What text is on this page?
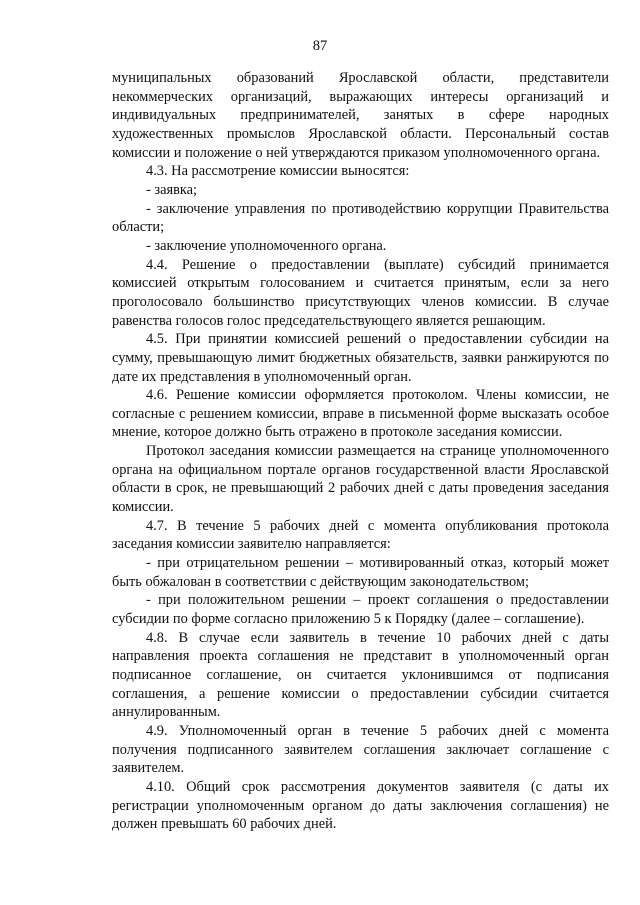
87

муниципальных образований Ярославской области, представители некоммерческих организаций, выражающих интересы организаций и индивидуальных предпринимателей, занятых в сфере народных художественных промыслов Ярославской области. Персональный состав комиссии и положение о ней утверждаются приказом уполномоченного органа.

4.3. На рассмотрение комиссии выносятся:

- заявка;

- заключение управления по противодействию коррупции Правительства области;

- заключение уполномоченного органа.

4.4. Решение о предоставлении (выплате) субсидий принимается комиссией открытым голосованием и считается принятым, если за него проголосовало большинство присутствующих членов комиссии. В случае равенства голосов голос председательствующего является решающим.

4.5. При принятии комиссией решений о предоставлении субсидии на сумму, превышающую лимит бюджетных обязательств, заявки ранжируются по дате их представления в уполномоченный орган.

4.6. Решение комиссии оформляется протоколом. Члены комиссии, не согласные с решением комиссии, вправе в письменной форме высказать особое мнение, которое должно быть отражено в протоколе заседания комиссии.

Протокол заседания комиссии размещается на странице уполномоченного органа на официальном портале органов государственной власти Ярославской области в срок, не превышающий 2 рабочих дней с даты проведения заседания комиссии.

4.7. В течение 5 рабочих дней с момента опубликования протокола заседания комиссии заявителю направляется:

- при отрицательном решении – мотивированный отказ, который может быть обжалован в соответствии с действующим законодательством;

- при положительном решении – проект соглашения о предоставлении субсидии по форме согласно приложению 5 к Порядку (далее – соглашение).

4.8. В случае если заявитель в течение 10 рабочих дней с даты направления проекта соглашения не представит в уполномоченный орган подписанное соглашение, он считается уклонившимся от подписания соглашения, а решение комиссии о предоставлении субсидии считается аннулированным.

4.9. Уполномоченный орган в течение 5 рабочих дней с момента получения подписанного заявителем соглашения заключает соглашение с заявителем.

4.10. Общий срок рассмотрения документов заявителя (с даты их регистрации уполномоченным органом до даты заключения соглашения) не должен превышать 60 рабочих дней.
